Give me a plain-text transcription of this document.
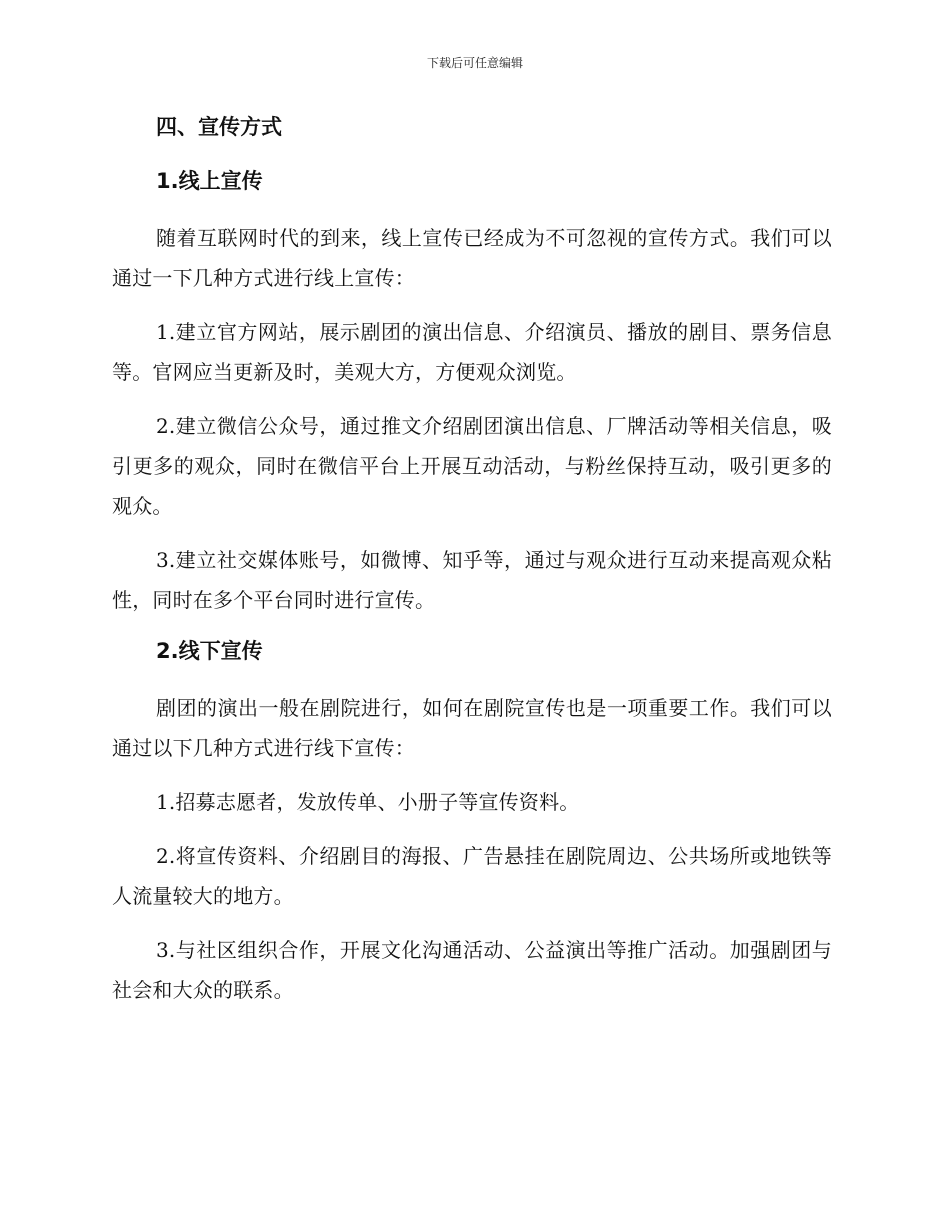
下载后可任意编辑
四、宣传方式
1.线上宣传

随着互联网时代的到来，线上宣传已经成为不可忽视的宣传方式。我们可以通过一下几种方式进行线上宣传：

1.建立官方网站，展示剧团的演出信息、介绍演员、播放的剧目、票务信息等。官网应当更新及时，美观大方，方便观众浏览。

2.建立微信公众号，通过推文介绍剧团演出信息、厂牌活动等相关信息，吸引更多的观众，同时在微信平台上开展互动活动，与粉丝保持互动，吸引更多的观众。

3.建立社交媒体账号，如微博、知乎等，通过与观众进行互动来提高观众粘性，同时在多个平台同时进行宣传。

2.线下宣传

剧团的演出一般在剧院进行，如何在剧院宣传也是一项重要工作。我们可以通过以下几种方式进行线下宣传：

1.招募志愿者，发放传单、小册子等宣传资料。

2.将宣传资料、介绍剧目的海报、广告悬挂在剧院周边、公共场所或地铁等人流量较大的地方。

3.与社区组织合作，开展文化沟通活动、公益演出等推广活动。加强剧团与社会和大众的联系。
